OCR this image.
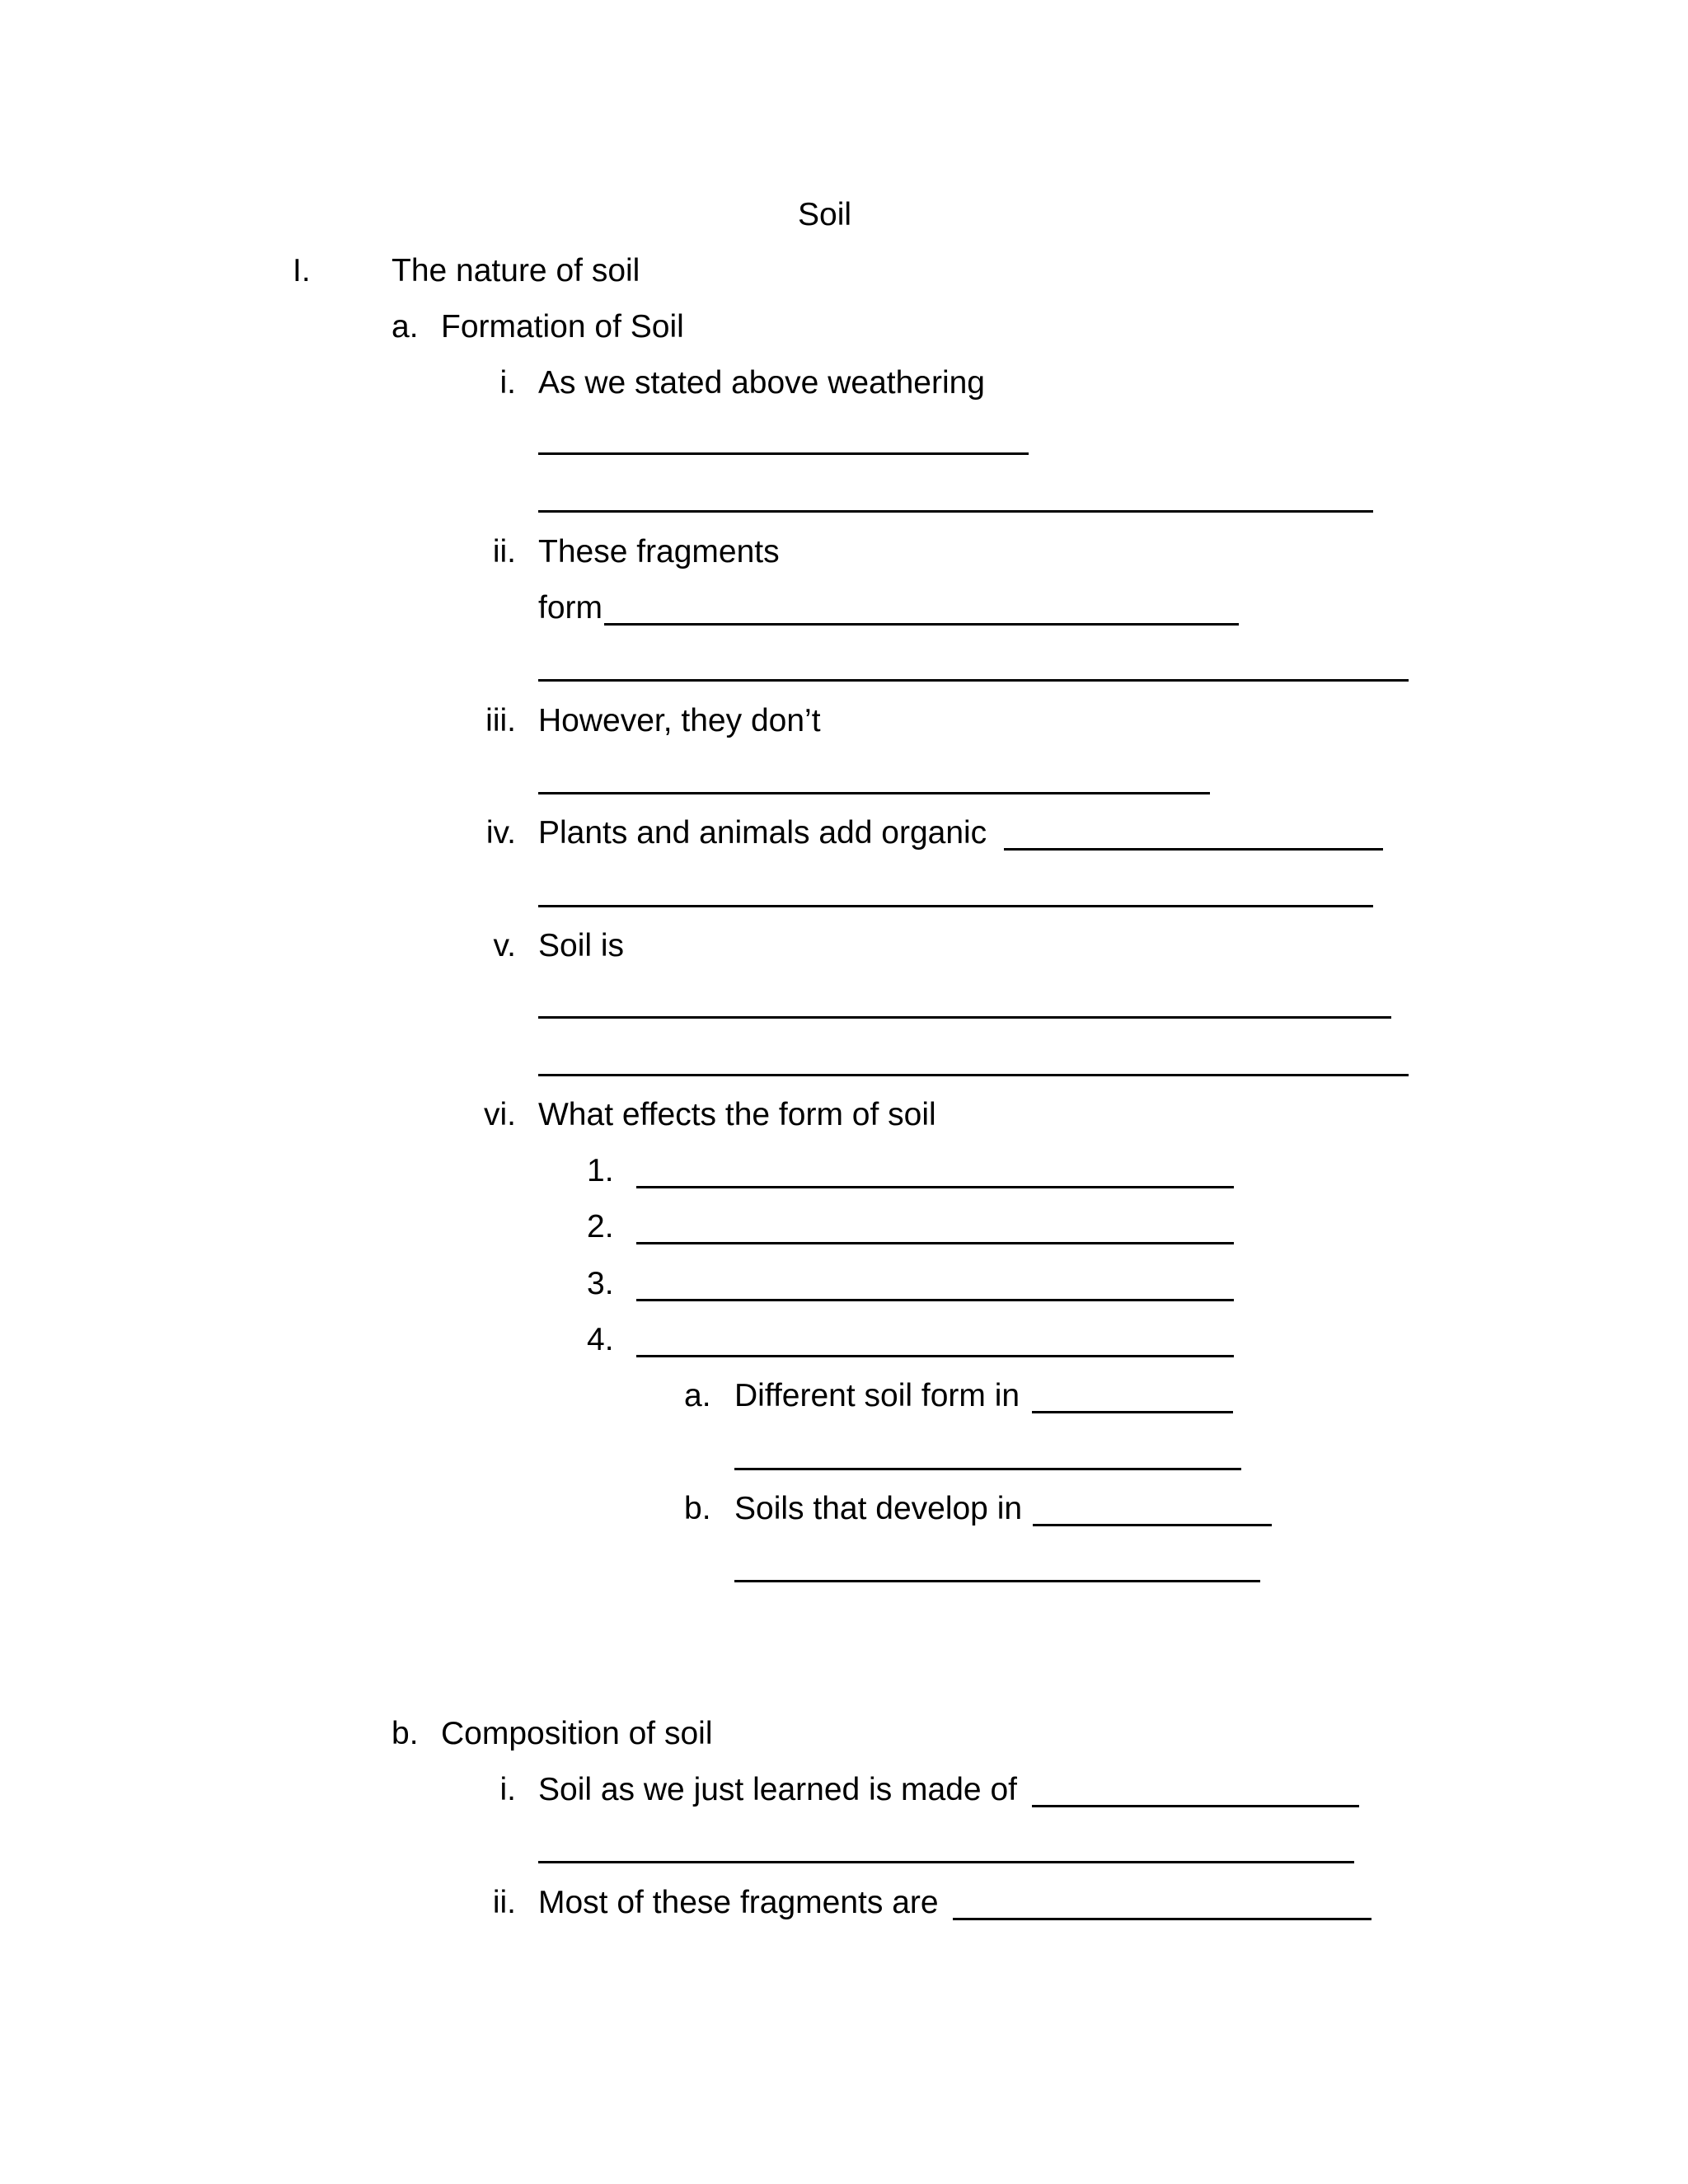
Soil

I.	The nature of soil

a. Formation of Soil

i. As we stated above weathering

ii. These fragments

form

iii. However, they don’t

iv. Plants and animals add organic

v. Soil is

vi. What effects the form of soil

1.

2.

3.

4.

a. Different soil form in

b. Soils that develop in

b. Composition of soil

i. Soil as we just learned is made of

ii. Most of these fragments are
